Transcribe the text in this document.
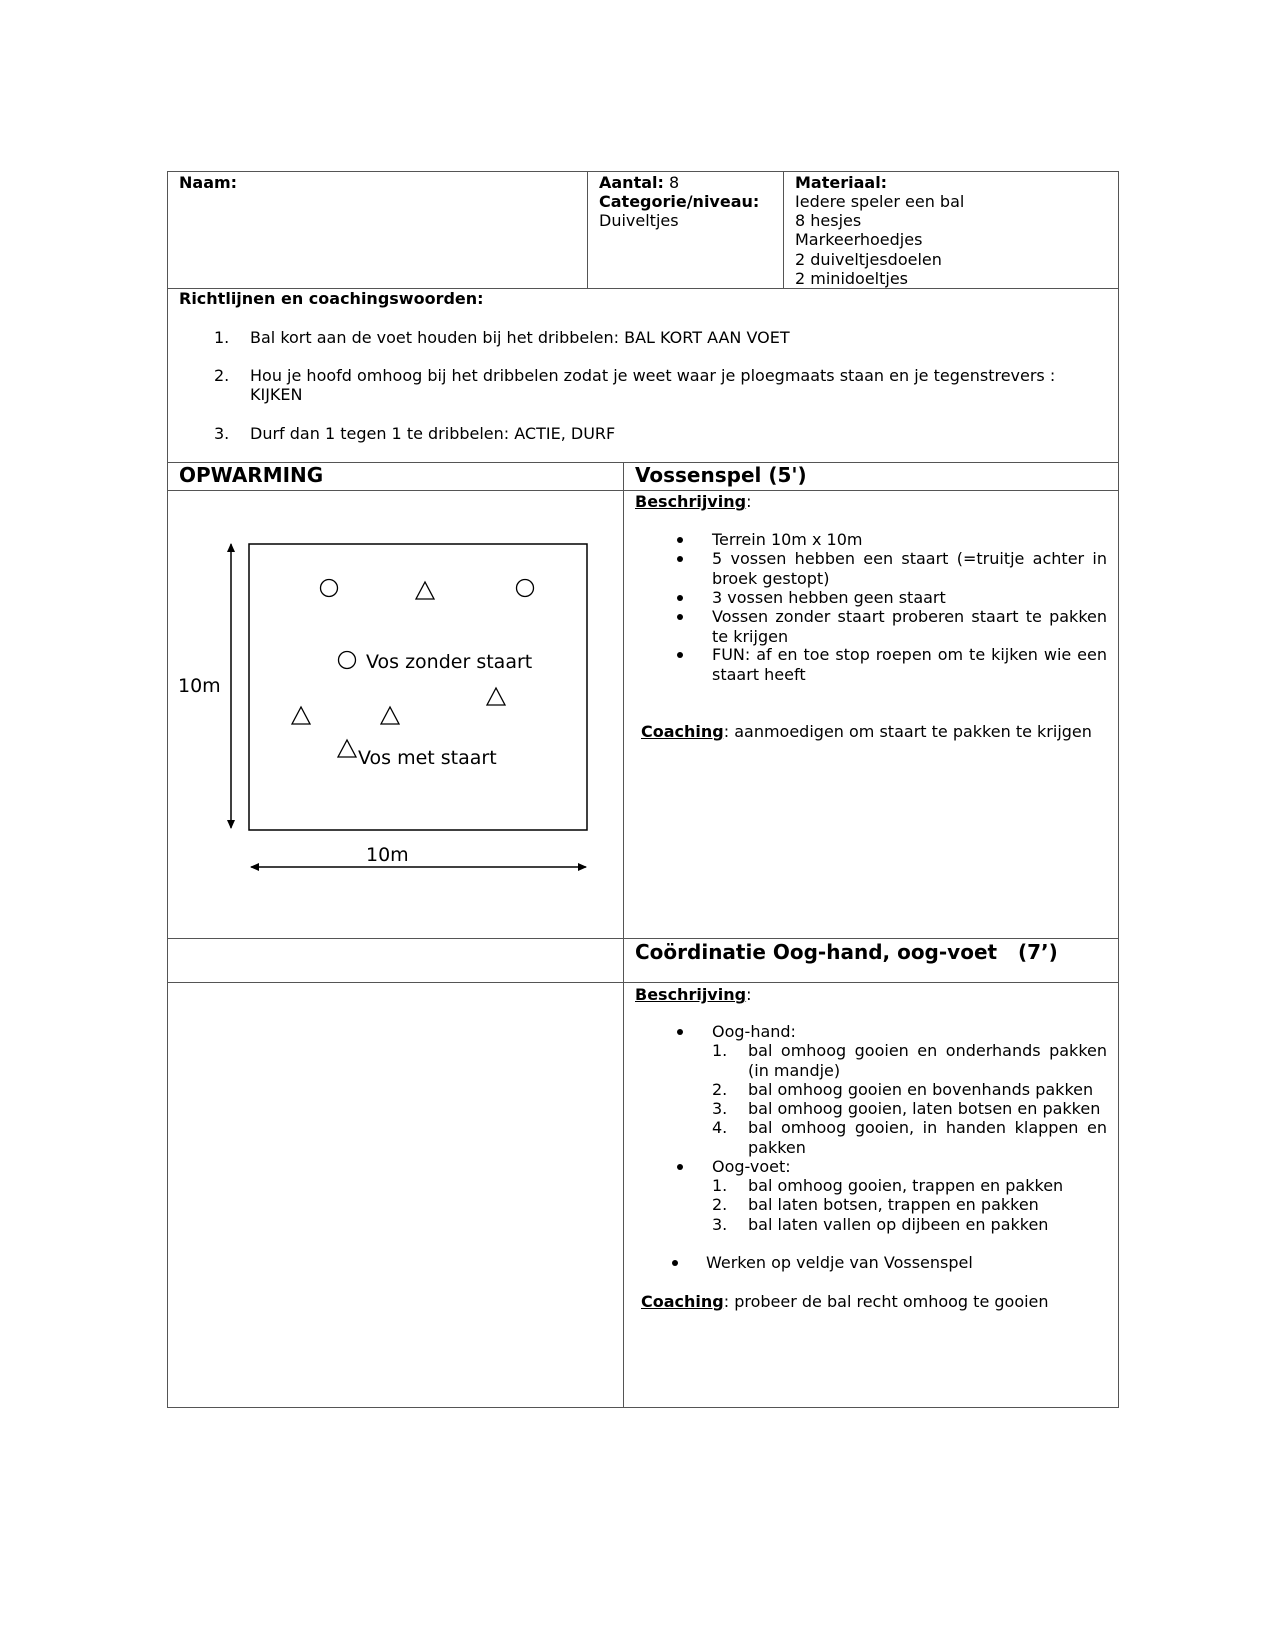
Naam:	Aantal: 8
Categorie/niveau:
Duiveltjes
Materiaal:
Iedere speler een bal
8 hesjes
Markeerhoedjes
2 duiveltjesdoelen
2 minidoeltjes
Richtlijnen en coachingswoorden:
1. Bal kort aan de voet houden bij het dribbelen: BAL KORT AAN VOET
2. Hou je hoofd omhoog bij het dribbelen zodat je weet waar je ploegmaats staan en je tegenstrevers :
KIJKEN
3. Durf dan 1 tegen 1 te dribbelen: ACTIE, DURF
OPWARMING	Vossenspel (5')
Beschrijving:
Terrein 10m x 10m
5 vossen hebben een staart (=truitje achter in broek gestopt)
3 vossen hebben geen staart
Vossen zonder staart proberen staart te pakken te krijgen
FUN: af en toe stop roepen om te kijken wie een staart heeft
Coaching: aanmoedigen om staart te pakken te krijgen
10m
10m
Vos zonder staart
Vos met staart
Coördinatie Oog-hand, oog-voet   (7’)
Beschrijving:
Oog-hand:
1. bal omhoog gooien en onderhands pakken (in mandje)
2. bal omhoog gooien en bovenhands pakken
3. bal omhoog gooien, laten botsen en pakken
4. bal omhoog gooien, in handen klappen en pakken
Oog-voet:
1. bal omhoog gooien, trappen en pakken
2. bal laten botsen, trappen en pakken
3. bal laten vallen op dijbeen en pakken
Werken op veldje van Vossenspel
Coaching: probeer de bal recht omhoog te gooien
